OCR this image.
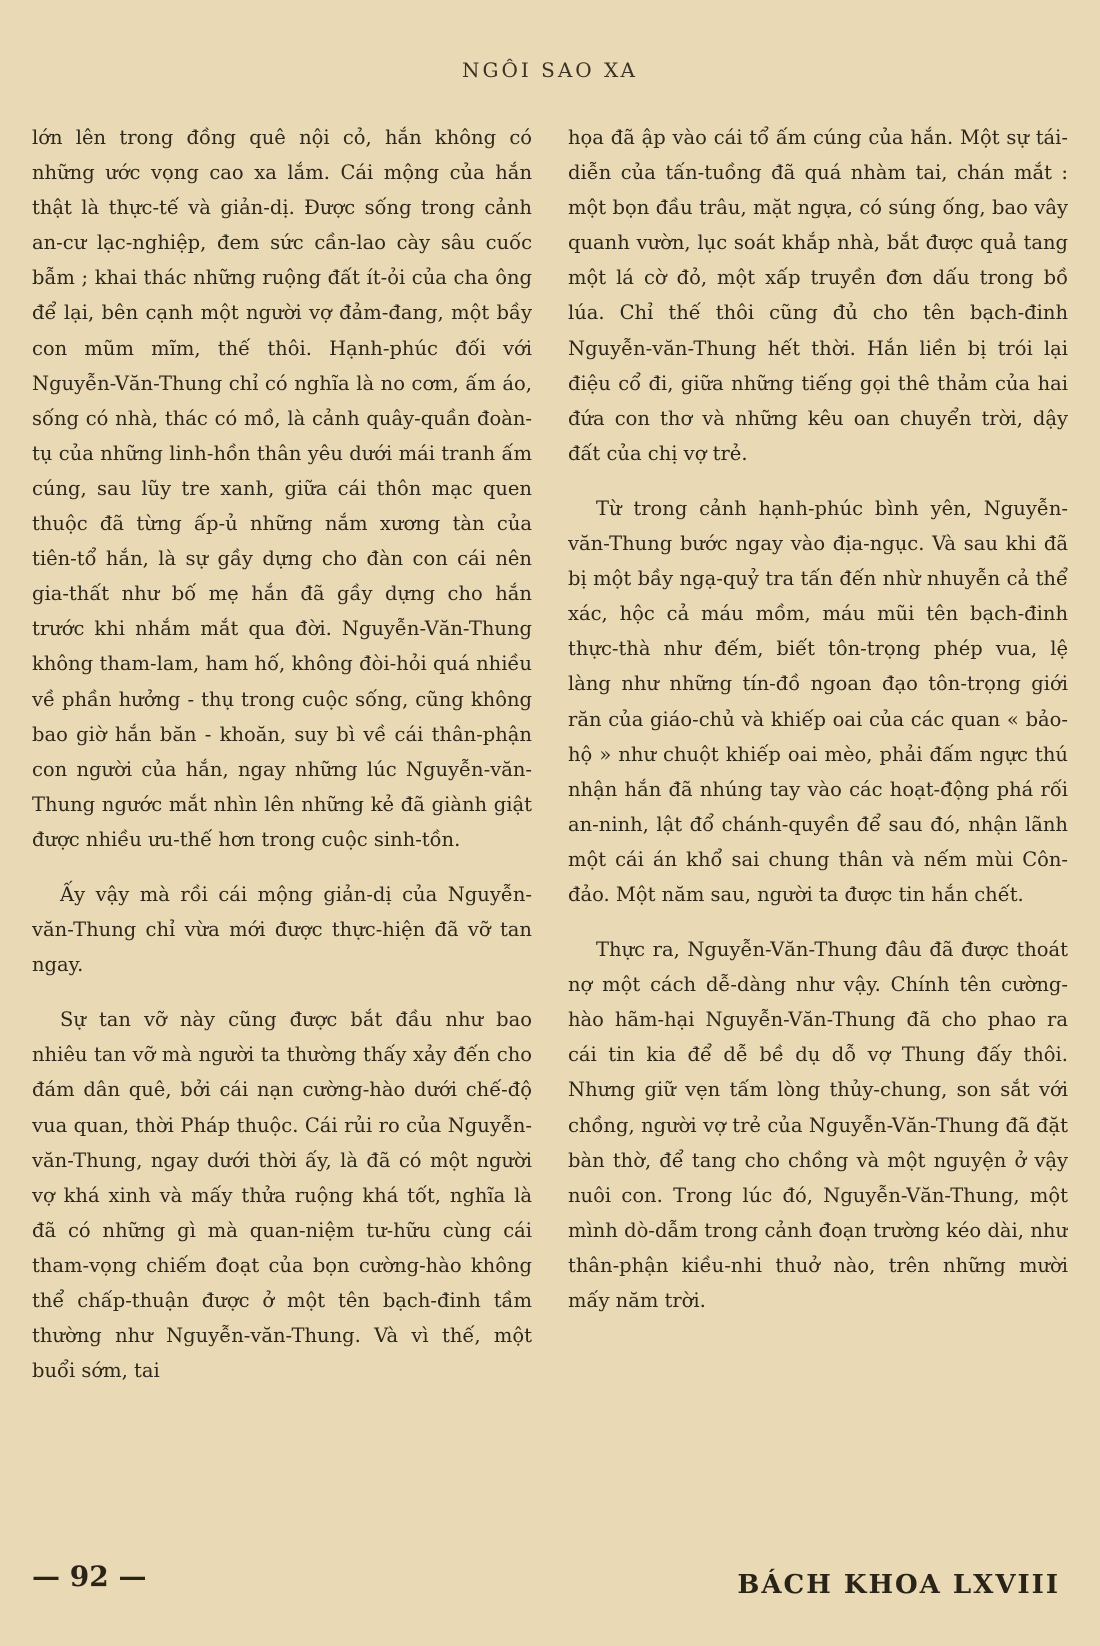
NGÔI SAO XA

lớn lên trong đồng quê nội cỏ, hắn không có những ước vọng cao xa lắm. Cái mộng của hắn thật là thực-tế và giản-dị. Được sống trong cảnh an-cư lạc-nghiệp, đem sức cần-lao cày sâu cuốc bẫm ; khai thác những ruộng đất ít-ỏi của cha ông để lại, bên cạnh một người vợ đảm-đang, một bầy con mũm mĩm, thế thôi. Hạnh-phúc đối với Nguyễn-Văn-Thung chỉ có nghĩa là no cơm, ấm áo, sống có nhà, thác có mồ, là cảnh quây-quần đoàn-tụ của những linh-hồn thân yêu dưới mái tranh ấm cúng, sau lũy tre xanh, giữa cái thôn mạc quen thuộc đã từng ấp-ủ những nắm xương tàn của tiên-tổ hắn, là sự gầy dựng cho đàn con cái nên gia-thất như bố mẹ hắn đã gầy dựng cho hắn trước khi nhắm mắt qua đời. Nguyễn-Văn-Thung không tham-lam, ham hố, không đòi-hỏi quá nhiều về phần hưởng - thụ trong cuộc sống, cũng không bao giờ hắn băn - khoăn, suy bì về cái thân-phận con người của hắn, ngay những lúc Nguyễn-văn-Thung ngước mắt nhìn lên những kẻ đã giành giật được nhiều ưu-thế hơn trong cuộc sinh-tồn.

Ấy vậy mà rồi cái mộng giản-dị của Nguyễn-văn-Thung chỉ vừa mới được thực-hiện đã vỡ tan ngay.

Sự tan vỡ này cũng được bắt đầu như bao nhiêu tan vỡ mà người ta thường thấy xảy đến cho đám dân quê, bởi cái nạn cường-hào dưới chế-độ vua quan, thời Pháp thuộc. Cái rủi ro của Nguyễn-văn-Thung, ngay dưới thời ấy, là đã có một người vợ khá xinh và mấy thửa ruộng khá tốt, nghĩa là đã có những gì mà quan-niệm tư-hữu cùng cái tham-vọng chiếm đoạt của bọn cường-hào không thể chấp-thuận được ở một tên bạch-đinh tầm thường như Nguyễn-văn-Thung. Và vì thế, một buổi sớm, tai

họa đã ập vào cái tổ ấm cúng của hắn. Một sự tái-diễn của tấn-tuồng đã quá nhàm tai, chán mắt : một bọn đầu trâu, mặt ngựa, có súng ống, bao vây quanh vườn, lục soát khắp nhà, bắt được quả tang một lá cờ đỏ, một xấp truyền đơn dấu trong bồ lúa. Chỉ thế thôi cũng đủ cho tên bạch-đinh Nguyễn-văn-Thung hết thời. Hắn liền bị trói lại điệu cổ đi, giữa những tiếng gọi thê thảm của hai đứa con thơ và những kêu oan chuyển trời, dậy đất của chị vợ trẻ.

Từ trong cảnh hạnh-phúc bình yên, Nguyễn-văn-Thung bước ngay vào địa-ngục. Và sau khi đã bị một bầy ngạ-quỷ tra tấn đến nhừ nhuyễn cả thể xác, hộc cả máu mồm, máu mũi tên bạch-đinh thực-thà như đếm, biết tôn-trọng phép vua, lệ làng như những tín-đồ ngoan đạo tôn-trọng giới răn của giáo-chủ và khiếp oai của các quan « bảo-hộ » như chuột khiếp oai mèo, phải đấm ngực thú nhận hắn đã nhúng tay vào các hoạt-động phá rối an-ninh, lật đổ chánh-quyền để sau đó, nhận lãnh một cái án khổ sai chung thân và nếm mùi Côn-đảo. Một năm sau, người ta được tin hắn chết.

Thực ra, Nguyễn-Văn-Thung đâu đã được thoát nợ một cách dễ-dàng như vậy. Chính tên cường-hào hãm-hại Nguyễn-Văn-Thung đã cho phao ra cái tin kia để dễ bề dụ dỗ vợ Thung đấy thôi. Nhưng giữ vẹn tấm lòng thủy-chung, son sắt với chồng, người vợ trẻ của Nguyễn-Văn-Thung đã đặt bàn thờ, để tang cho chồng và một nguyện ở vậy nuôi con. Trong lúc đó, Nguyễn-Văn-Thung, một mình dò-dẫm trong cảnh đoạn trường kéo dài, như thân-phận kiều-nhi thuở nào, trên những mười mấy năm trời.

— 92 —	BÁCH KHOA LXVIII
